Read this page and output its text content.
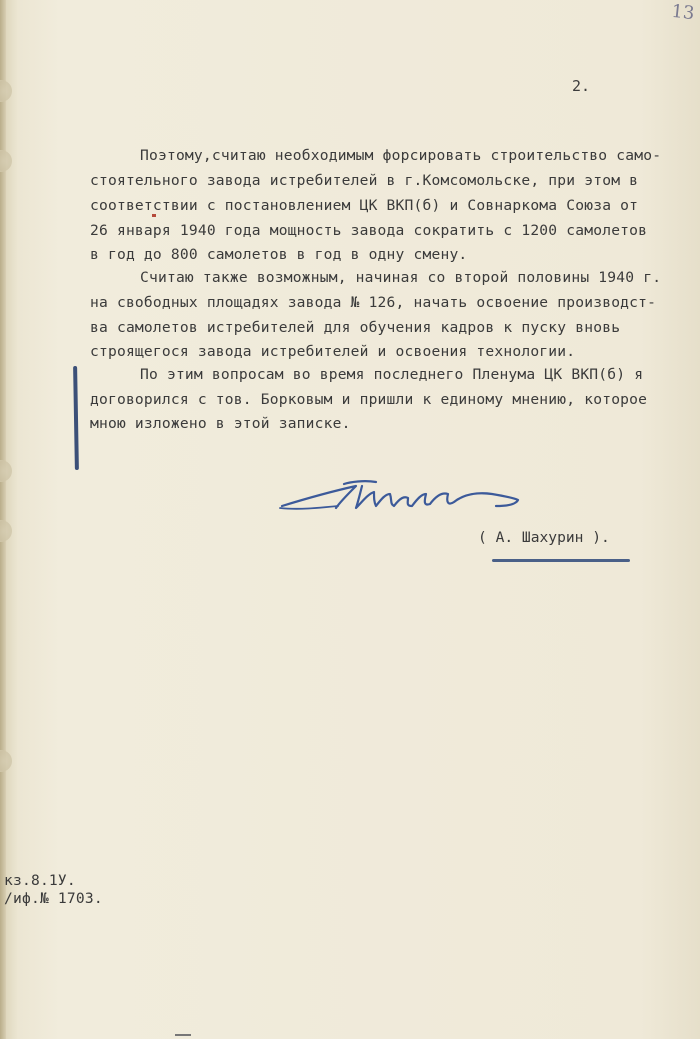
13
2.
Поэтому,считаю необходимым форсировать строительство само-
стоятельного завода истребителей в г.Комсомольске, при этом в
соответствии с постановлением ЦК ВКП(б) и Совнаркома Союза от
26 января 1940 года мощность завода сократить с 1200 самолетов
в год до 800 самолетов в год в одну смену.
Считаю также возможным, начиная со второй половины 1940 г.
на свободных площадях завода № 126, начать освоение производст-
ва самолетов истребителей для обучения кадров к пуску вновь
строящегося завода истребителей и освоения технологии.
По этим вопросам во время последнего Пленума ЦК ВКП(б) я
договорился с тов. Борковым и пришли к единому мнению, которое
мною изложено в этой записке.
( А. Шахурин ).
кз.8.1У.
/иф.№ 1703.
